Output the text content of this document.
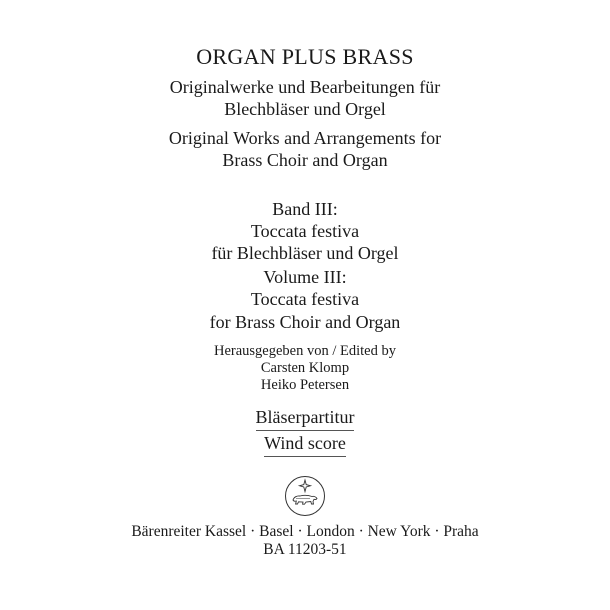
ORGAN PLUS BRASS
Originalwerke und Bearbeitungen für
Blechbläser und Orgel
Original Works and Arrangements for
Brass Choir and Organ
Band III:
Toccata festiva
für Blechbläser und Orgel
Volume III:
Toccata festiva
for Brass Choir and Organ
Herausgegeben von / Edited by
Carsten Klomp
Heiko Petersen
Bläserpartitur
Wind score
Bärenreiter Kassel · Basel · London · New York · Praha
BA 11203-51
